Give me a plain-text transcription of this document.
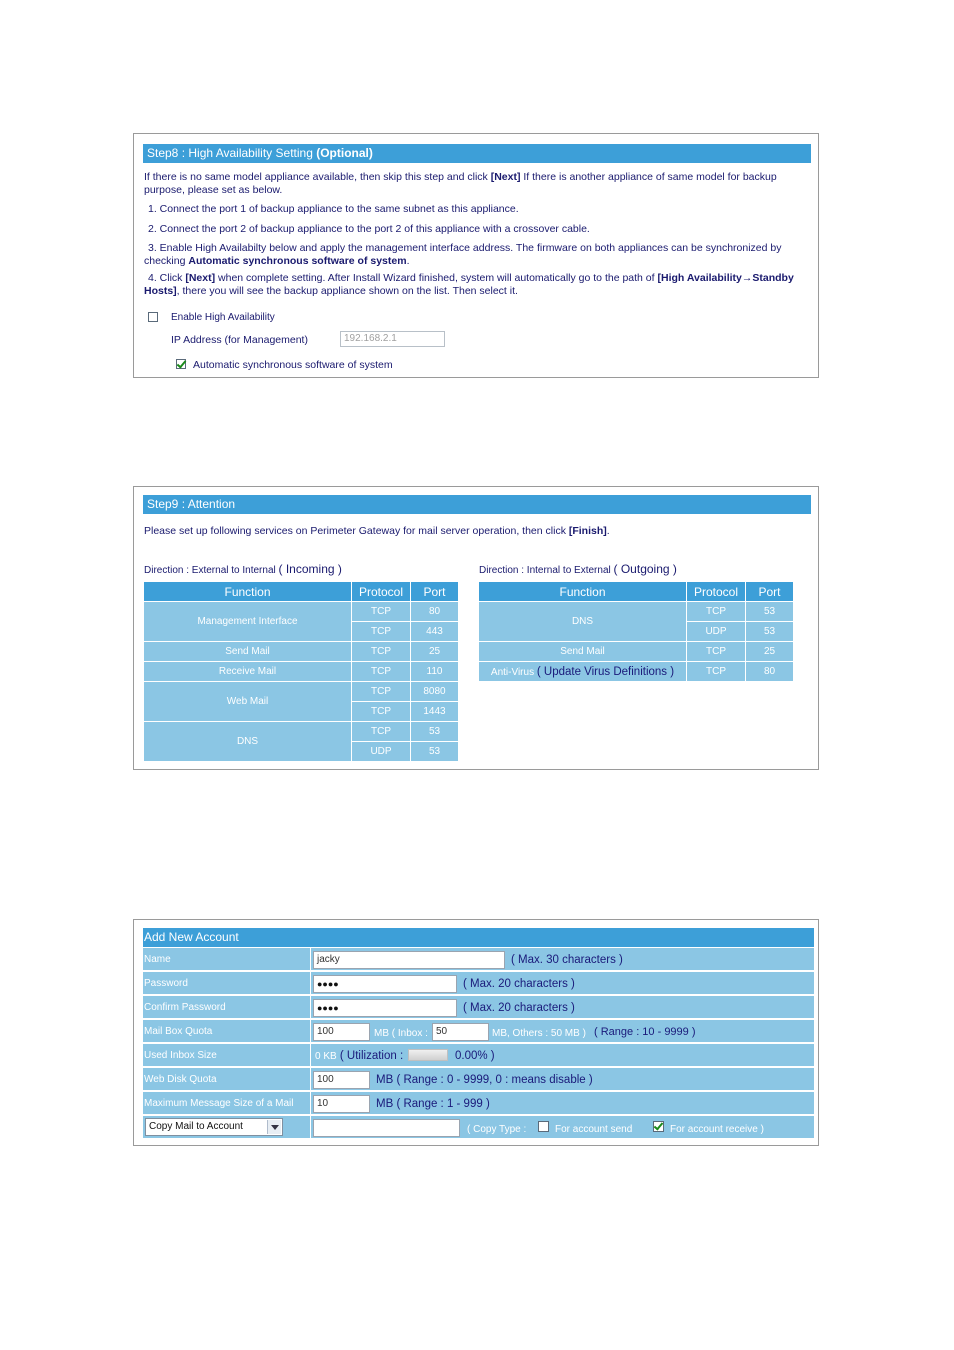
Step8 : High Availability Setting (Optional)
If there is no same model appliance available, then skip this step and click [Next] If there is another appliance of same model for backup
purpose, please set as below.
1. Connect the port 1 of backup appliance to the same subnet as this appliance.
2. Connect the port 2 of backup appliance to the port 2 of this appliance with a crossover cable.
3. Enable High Availabilty below and apply the management interface address. The firmware on both appliances can be synchronized by
checking Automatic synchronous software of system.
4. Click [Next] when complete setting. After Install Wizard finished, system will automatically go to the path of [High Availability→Standby
Hosts], there you will see the backup appliance shown on the list. Then select it.
Enable High Availability
IP Address (for Management)	192.168.2.1
Automatic synchronous software of system
Step9 : Attention
Please set up following services on Perimeter Gateway for mail server operation, then click [Finish].
Direction : External to Internal ( Incoming )	Direction : Internal to External ( Outgoing )
Function	Protocol	Port
Management Interface	TCP	80
	TCP	443
Send Mail	TCP	25
Receive Mail	TCP	110
Web Mail	TCP	8080
	TCP	1443
DNS	TCP	53
	UDP	53
Function	Protocol	Port
DNS	TCP	53
	UDP	53
Send Mail	TCP	25
Anti-Virus ( Update Virus Definitions )	TCP	80
Add New Account
Name	jacky	( Max. 30 characters )
Password	●●●●	( Max. 20 characters )
Confirm Password	●●●●	( Max. 20 characters )
Mail Box Quota	100	MB ( Inbox : 50	MB, Others : 50 MB ) ( Range : 10 - 9999 )
Used Inbox Size	0 KB ( Utilization :	0.00% )
Web Disk Quota	100	MB ( Range : 0 - 9999, 0 : means disable )
Maximum Message Size of a Mail	10	MB ( Range : 1 - 999 )
Copy Mail to Account	( Copy Type :	For account send	For account receive )
